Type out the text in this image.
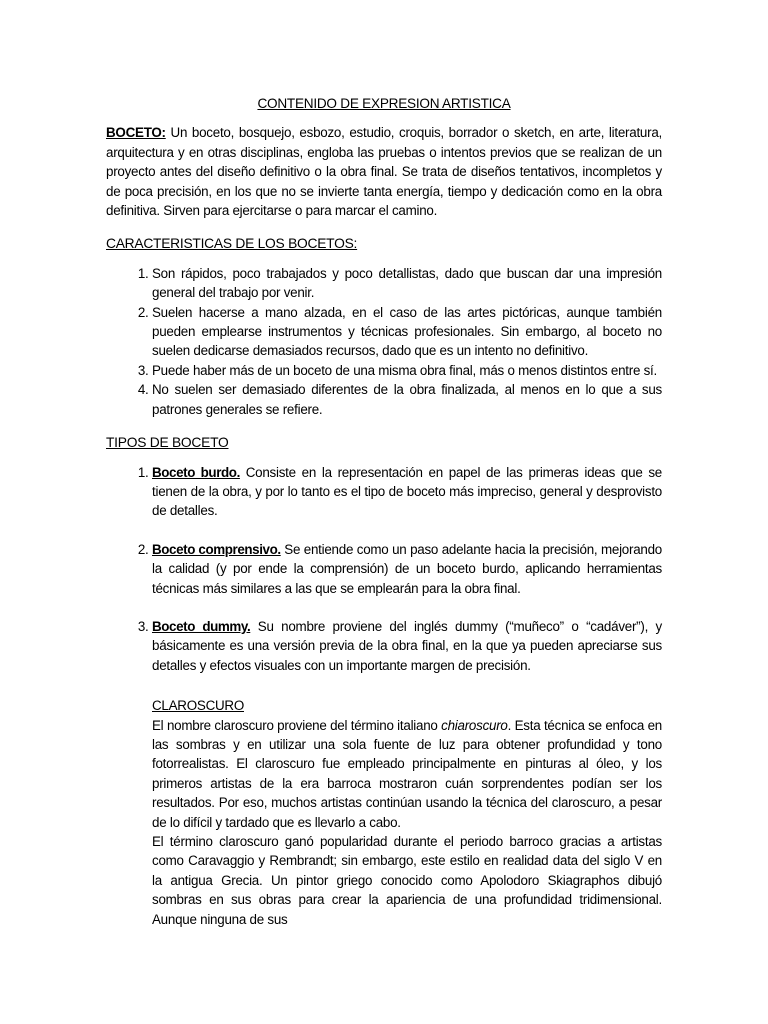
CONTENIDO DE EXPRESION ARTISTICA

BOCETO: Un boceto, bosquejo, esbozo, estudio, croquis, borrador o sketch, en arte, literatura, arquitectura y en otras disciplinas, engloba las pruebas o intentos previos que se realizan de un proyecto antes del diseño definitivo o la obra final. Se trata de diseños tentativos, incompletos y de poca precisión, en los que no se invierte tanta energía, tiempo y dedicación como en la obra definitiva. Sirven para ejercitarse o para marcar el camino.

CARACTERISTICAS DE LOS BOCETOS:

1. Son rápidos, poco trabajados y poco detallistas, dado que buscan dar una impresión general del trabajo por venir.
2. Suelen hacerse a mano alzada, en el caso de las artes pictóricas, aunque también pueden emplearse instrumentos y técnicas profesionales. Sin embargo, al boceto no suelen dedicarse demasiados recursos, dado que es un intento no definitivo.
3. Puede haber más de un boceto de una misma obra final, más o menos distintos entre sí.
4. No suelen ser demasiado diferentes de la obra finalizada, al menos en lo que a sus patrones generales se refiere.

TIPOS DE BOCETO

1. Boceto burdo. Consiste en la representación en papel de las primeras ideas que se tienen de la obra, y por lo tanto es el tipo de boceto más impreciso, general y desprovisto de detalles.
2. Boceto comprensivo. Se entiende como un paso adelante hacia la precisión, mejorando la calidad (y por ende la comprensión) de un boceto burdo, aplicando herramientas técnicas más similares a las que se emplearán para la obra final.
3. Boceto dummy. Su nombre proviene del inglés dummy (“muñeco” o “cadáver”), y básicamente es una versión previa de la obra final, en la que ya pueden apreciarse sus detalles y efectos visuales con un importante margen de precisión.

CLAROSCURO

El nombre claroscuro proviene del término italiano chiaroscuro. Esta técnica se enfoca en las sombras y en utilizar una sola fuente de luz para obtener profundidad y tono fotorrealistas. El claroscuro fue empleado principalmente en pinturas al óleo, y los primeros artistas de la era barroca mostraron cuán sorprendentes podían ser los resultados. Por eso, muchos artistas continúan usando la técnica del claroscuro, a pesar de lo difícil y tardado que es llevarlo a cabo.

El término claroscuro ganó popularidad durante el periodo barroco gracias a artistas como Caravaggio y Rembrandt; sin embargo, este estilo en realidad data del siglo V en la antigua Grecia. Un pintor griego conocido como Apolodoro Skiagraphos dibujó sombras en sus obras para crear la apariencia de una profundidad tridimensional. Aunque ninguna de sus
